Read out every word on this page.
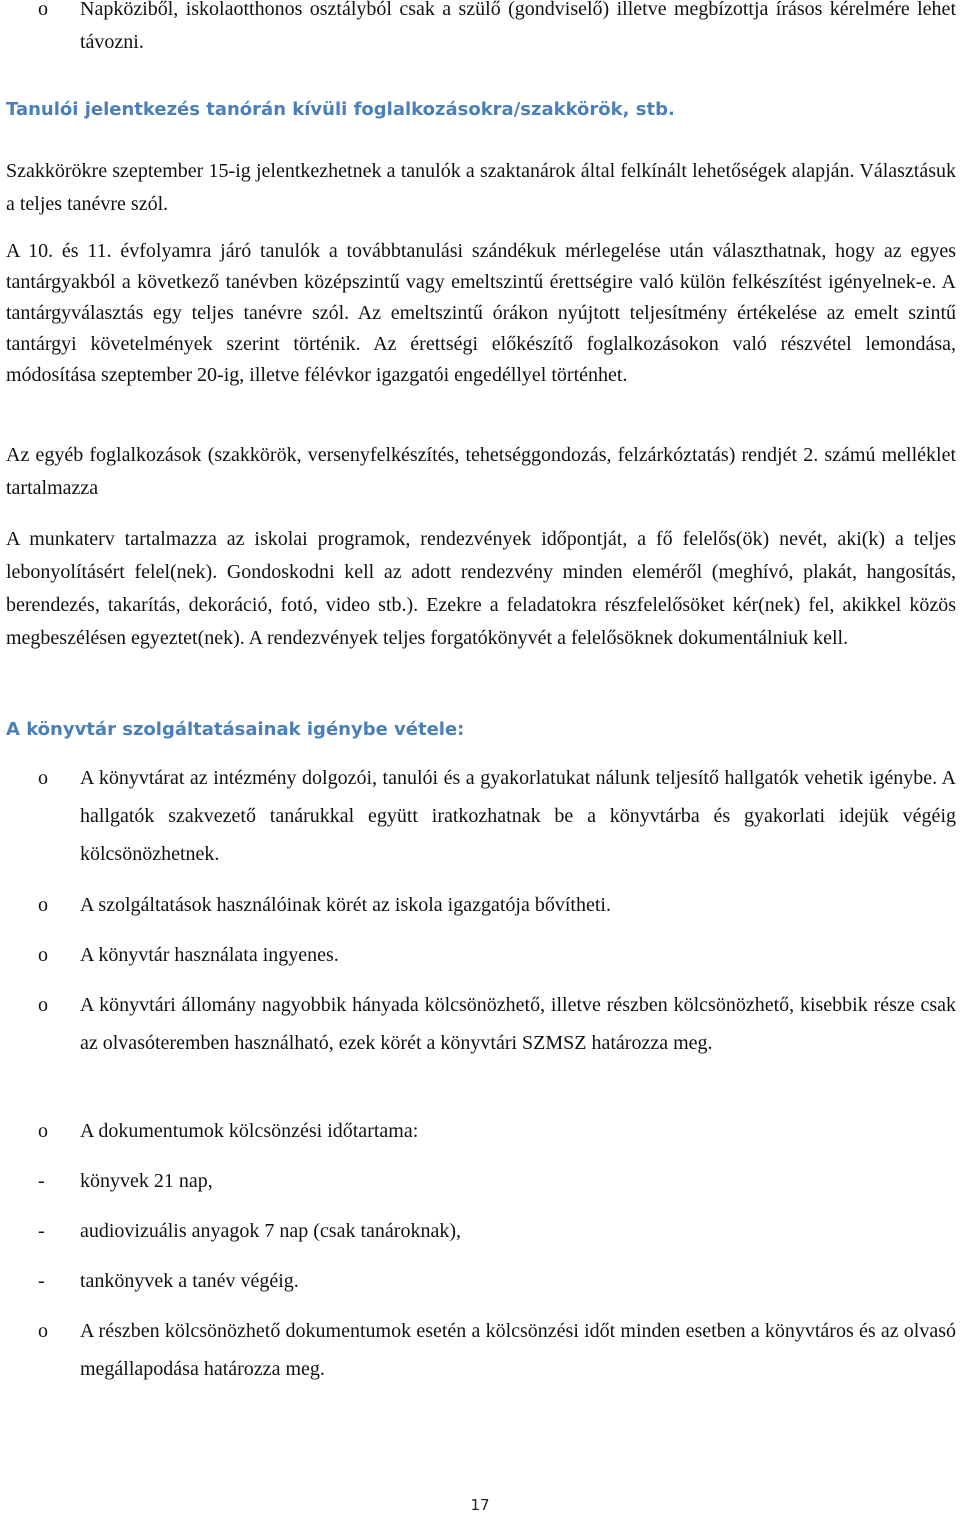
o Napköziből, iskolaotthonos osztályból csak a szülő (gondviselő) illetve megbízottja írásos kérelmére lehet távozni.
Tanulói jelentkezés tanórán kívüli foglalkozásokra/szakkörök, stb.
Szakkörökre szeptember 15-ig jelentkezhetnek a tanulók a szaktanárok által felkínált lehetőségek alapján. Választásuk a teljes tanévre szól.
A 10. és 11. évfolyamra járó tanulók a továbbtanulási szándékuk mérlegelése után választhatnak, hogy az egyes tantárgyakból a következő tanévben középszintű vagy emeltszintű érettségire való külön felkészítést igényelnek-e. A tantárgyválasztás egy teljes tanévre szól. Az emeltszintű órákon nyújtott teljesítmény értékelése az emelt szintű tantárgyi követelmények szerint történik. Az érettségi előkészítő foglalkozásokon való részvétel lemondása, módosítása szeptember 20-ig, illetve félévkor igazgatói engedéllyel történhet.
Az egyéb foglalkozások (szakkörök, versenyfelkészítés, tehetséggondozás, felzárkóztatás) rendjét 2. számú melléklet tartalmazza
A munkaterv tartalmazza az iskolai programok, rendezvények időpontját, a fő felelős(ök) nevét, aki(k) a teljes lebonyolításért felel(nek). Gondoskodni kell az adott rendezvény minden eleméről (meghívó, plakát, hangosítás, berendezés, takarítás, dekoráció, fotó, video stb.). Ezekre a feladatokra részfelelősöket kér(nek) fel, akikkel közös megbeszélésen egyeztet(nek). A rendezvények teljes forgatókönyvét a felelősöknek dokumentálniuk kell.
A könyvtár szolgáltatásainak igénybe vétele:
o A könyvtárat az intézmény dolgozói, tanulói és a gyakorlatukat nálunk teljesítő hallgatók vehetik igénybe. A hallgatók szakvezető tanárukkal együtt iratkozhatnak be a könyvtárba és gyakorlati idejük végéig kölcsönözhetnek.
o A szolgáltatások használóinak körét az iskola igazgatója bővítheti.
o A könyvtár használata ingyenes.
o A könyvtári állomány nagyobbik hányada kölcsönözhető, illetve részben kölcsönözhető, kisebbik része csak az olvasóteremben használható, ezek körét a könyvtári SZMSZ határozza meg.
o A dokumentumok kölcsönzési időtartama:
- könyvek 21 nap,
- audiovizuális anyagok 7 nap (csak tanároknak),
- tankönyvek a tanév végéig.
o A részben kölcsönözhető dokumentumok esetén a kölcsönzési időt minden esetben a könyvtáros és az olvasó megállapodása határozza meg.
17
